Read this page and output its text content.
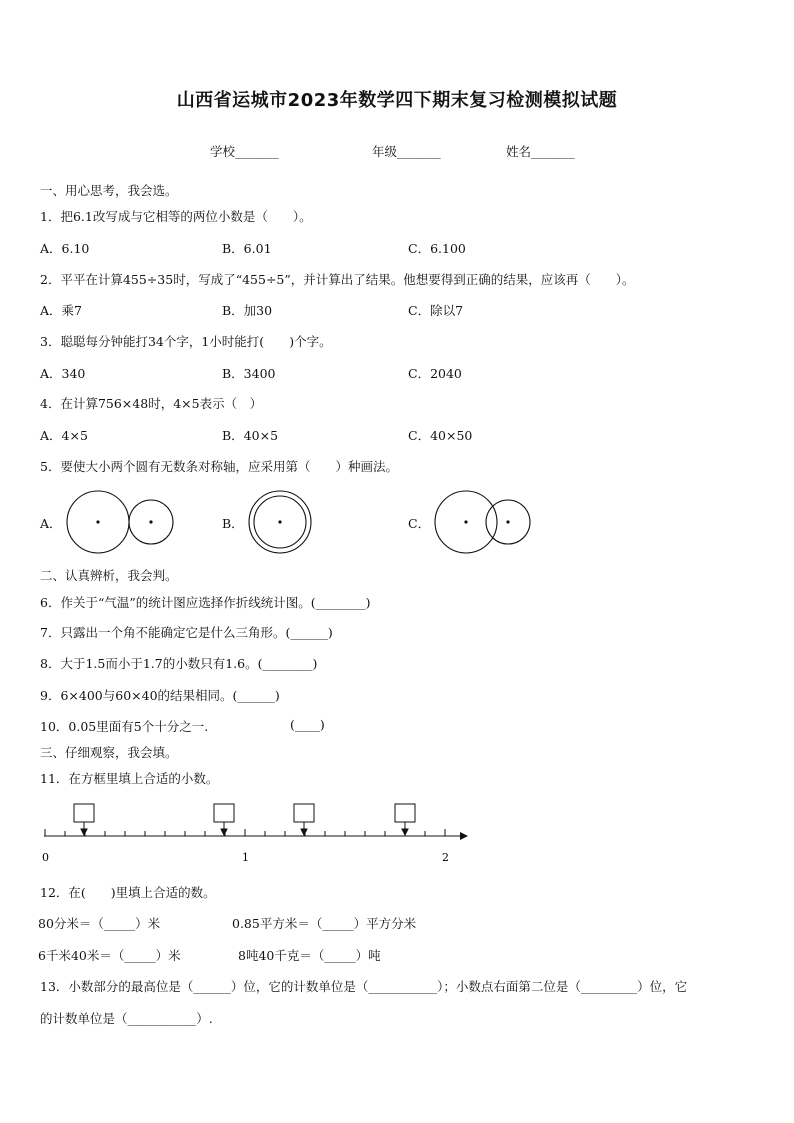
山西省运城市2023年数学四下期末复习检测模拟试题
学校_______	年级_______	姓名_______
一、用心思考，我会选。
1．把6.1改写成与它相等的两位小数是（　　）。
A．6.10	B．6.01	C．6.100
2．平平在计算455÷35时，写成了“455÷5”，并计算出了结果。他想要得到正确的结果，应该再（　　）。
A．乘7	B．加30	C．除以7
3．聪聪每分钟能打34个字，1小时能打(　　)个字。
A．340	B．3400	C．2040
4．在计算756×48时，4×5表示（　）
A．4×5	B．40×5	C．40×50
5．要使大小两个圆有无数条对称轴，应采用第（　　）种画法。
A．	B．	C．
二、认真辨析，我会判。
6．作关于“气温”的统计图应选择作折线统计图。(________)
7．只露出一个角不能确定它是什么三角形。(______)
8．大于1.5而小于1.7的小数只有1.6。(________)
9．6×400与60×40的结果相同。(______)
10．0.05里面有5个十分之一.	(____)
三、仔细观察，我会填。
11．在方框里填上合适的小数。
0	1	2
12．在(　　)里填上合适的数。
80分米＝（_____）米	0.85平方米＝（_____）平方分米
6千米40米＝（_____）米	8吨40千克＝（_____）吨
13．小数部分的最高位是（______）位，它的计数单位是（___________）；小数点右面第二位是（_________）位，它
的计数单位是（___________）.
